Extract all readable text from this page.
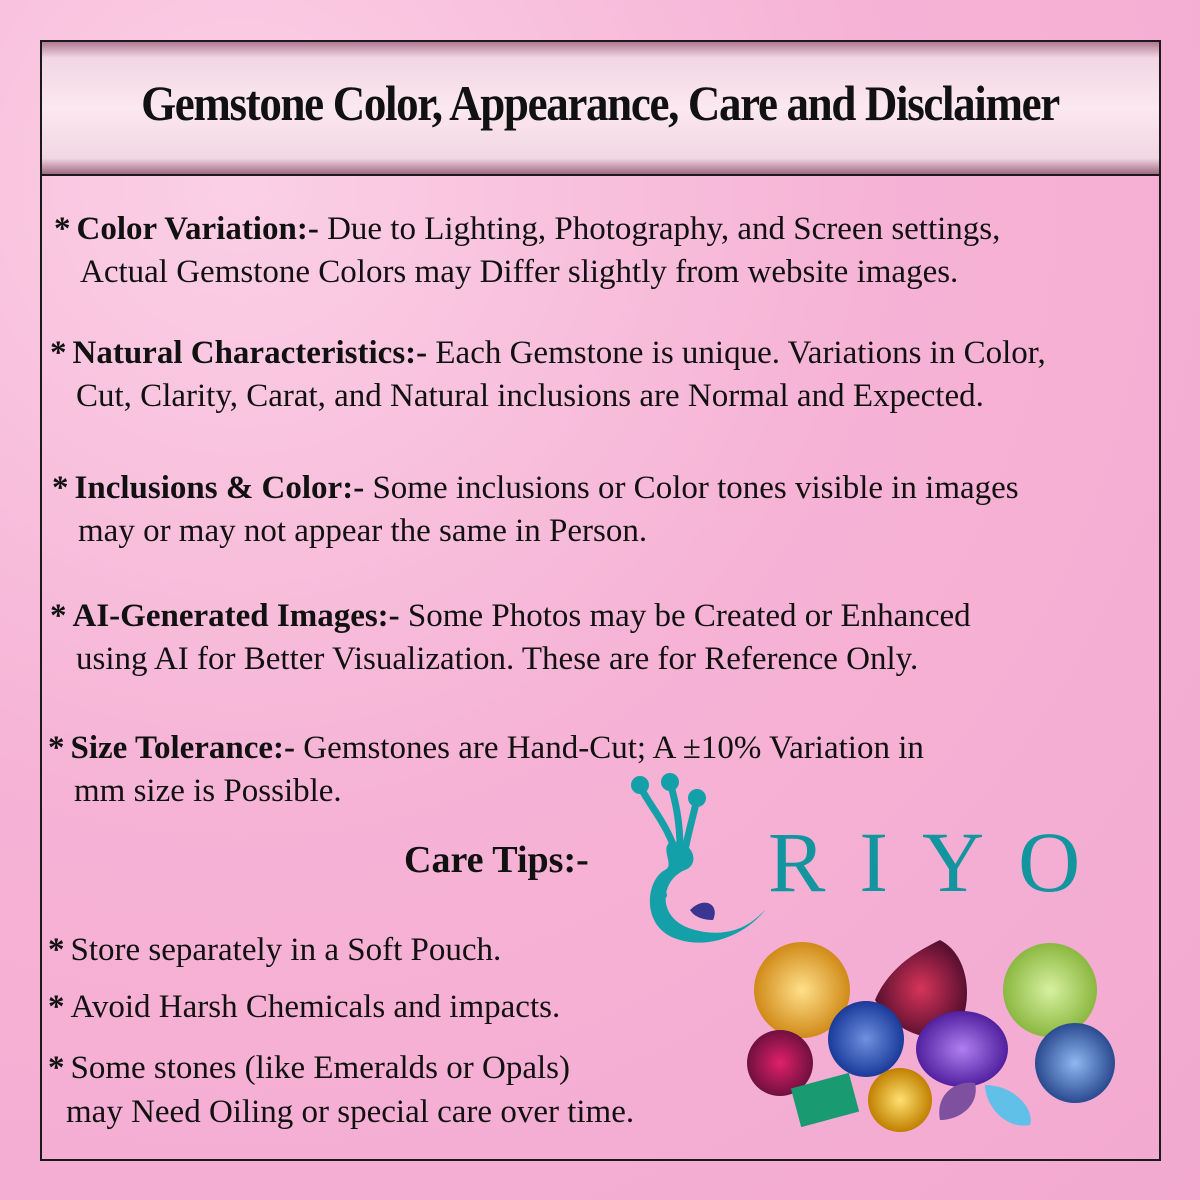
Gemstone Color, Appearance, Care and Disclaimer
* Color Variation:- Due to Lighting, Photography, and Screen settings,
Actual Gemstone Colors may Differ slightly from website images.
* Natural Characteristics:- Each Gemstone is unique. Variations in Color,
Cut, Clarity, Carat, and Natural inclusions are Normal and Expected.
* Inclusions & Color:- Some inclusions or Color tones visible in images
may or may not appear the same in Person.
* AI-Generated Images:- Some Photos may be Created or Enhanced
using AI for Better Visualization. These are for Reference Only.
* Size Tolerance:- Gemstones are Hand-Cut; A ±10% Variation in
mm size is Possible.
Care Tips:- RIYO
* Store separately in a Soft Pouch.
* Avoid Harsh Chemicals and impacts.
* Some stones (like Emeralds or Opals)
may Need Oiling or special care over time.
